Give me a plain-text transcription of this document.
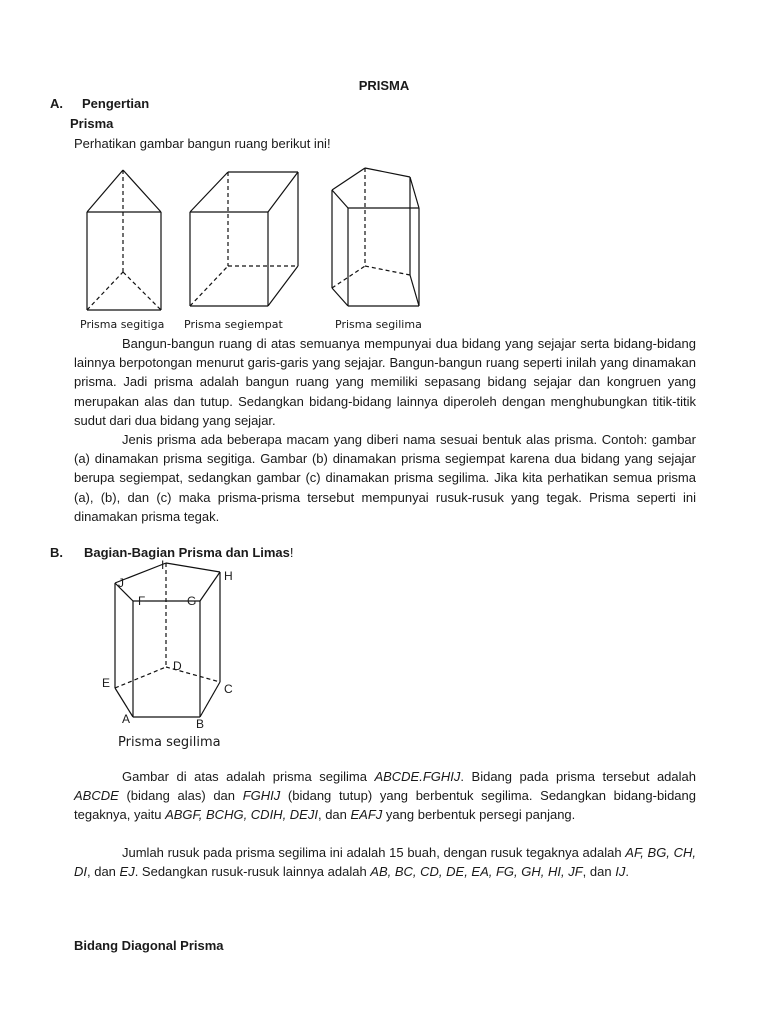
PRISMA
A. Pengertian
Prisma
Perhatikan gambar bangun ruang berikut ini!
Prisma segitiga Prisma segiempat	Prisma segilima
Bangun-bangun ruang di atas semuanya mempunyai dua bidang yang sejajar serta bidang-bidang lainnya berpotongan menurut garis-garis yang sejajar. Bangun-bangun ruang seperti inilah yang dinamakan prisma. Jadi prisma adalah bangun ruang yang memiliki sepasang bidang sejajar dan kongruen yang merupakan alas dan tutup. Sedangkan bidang-bidang lainnya diperoleh dengan menghubungkan titik-titik sudut dari dua bidang yang sejajar.
Jenis prisma ada beberapa macam yang diberi nama sesuai bentuk alas prisma. Contoh: gambar (a) dinamakan prisma segitiga. Gambar (b) dinamakan prisma segiempat karena dua bidang yang sejajar berupa segiempat, sedangkan gambar (c) dinamakan prisma segilima. Jika kita perhatikan semua prisma (a), (b), dan (c) maka prisma-prisma tersebut mempunyai rusuk-rusuk yang tegak. Prisma seperti ini dinamakan prisma tegak.
B. Bagian-Bagian Prisma dan Limas!
I
H
J
F	G
D
E	C
A	B
Prisma segilima
Gambar di atas adalah prisma segilima ABCDE.FGHIJ. Bidang pada prisma tersebut adalah ABCDE (bidang alas) dan FGHIJ (bidang tutup) yang berbentuk segilima. Sedangkan bidang-bidang tegaknya, yaitu ABGF, BCHG, CDIH, DEJI, dan EAFJ yang berbentuk persegi panjang.
Jumlah rusuk pada prisma segilima ini adalah 15 buah, dengan rusuk tegaknya adalah AF, BG, CH, DI, dan EJ. Sedangkan rusuk-rusuk lainnya adalah AB, BC, CD, DE, EA, FG, GH, HI, JF, dan IJ.
Bidang Diagonal Prisma
